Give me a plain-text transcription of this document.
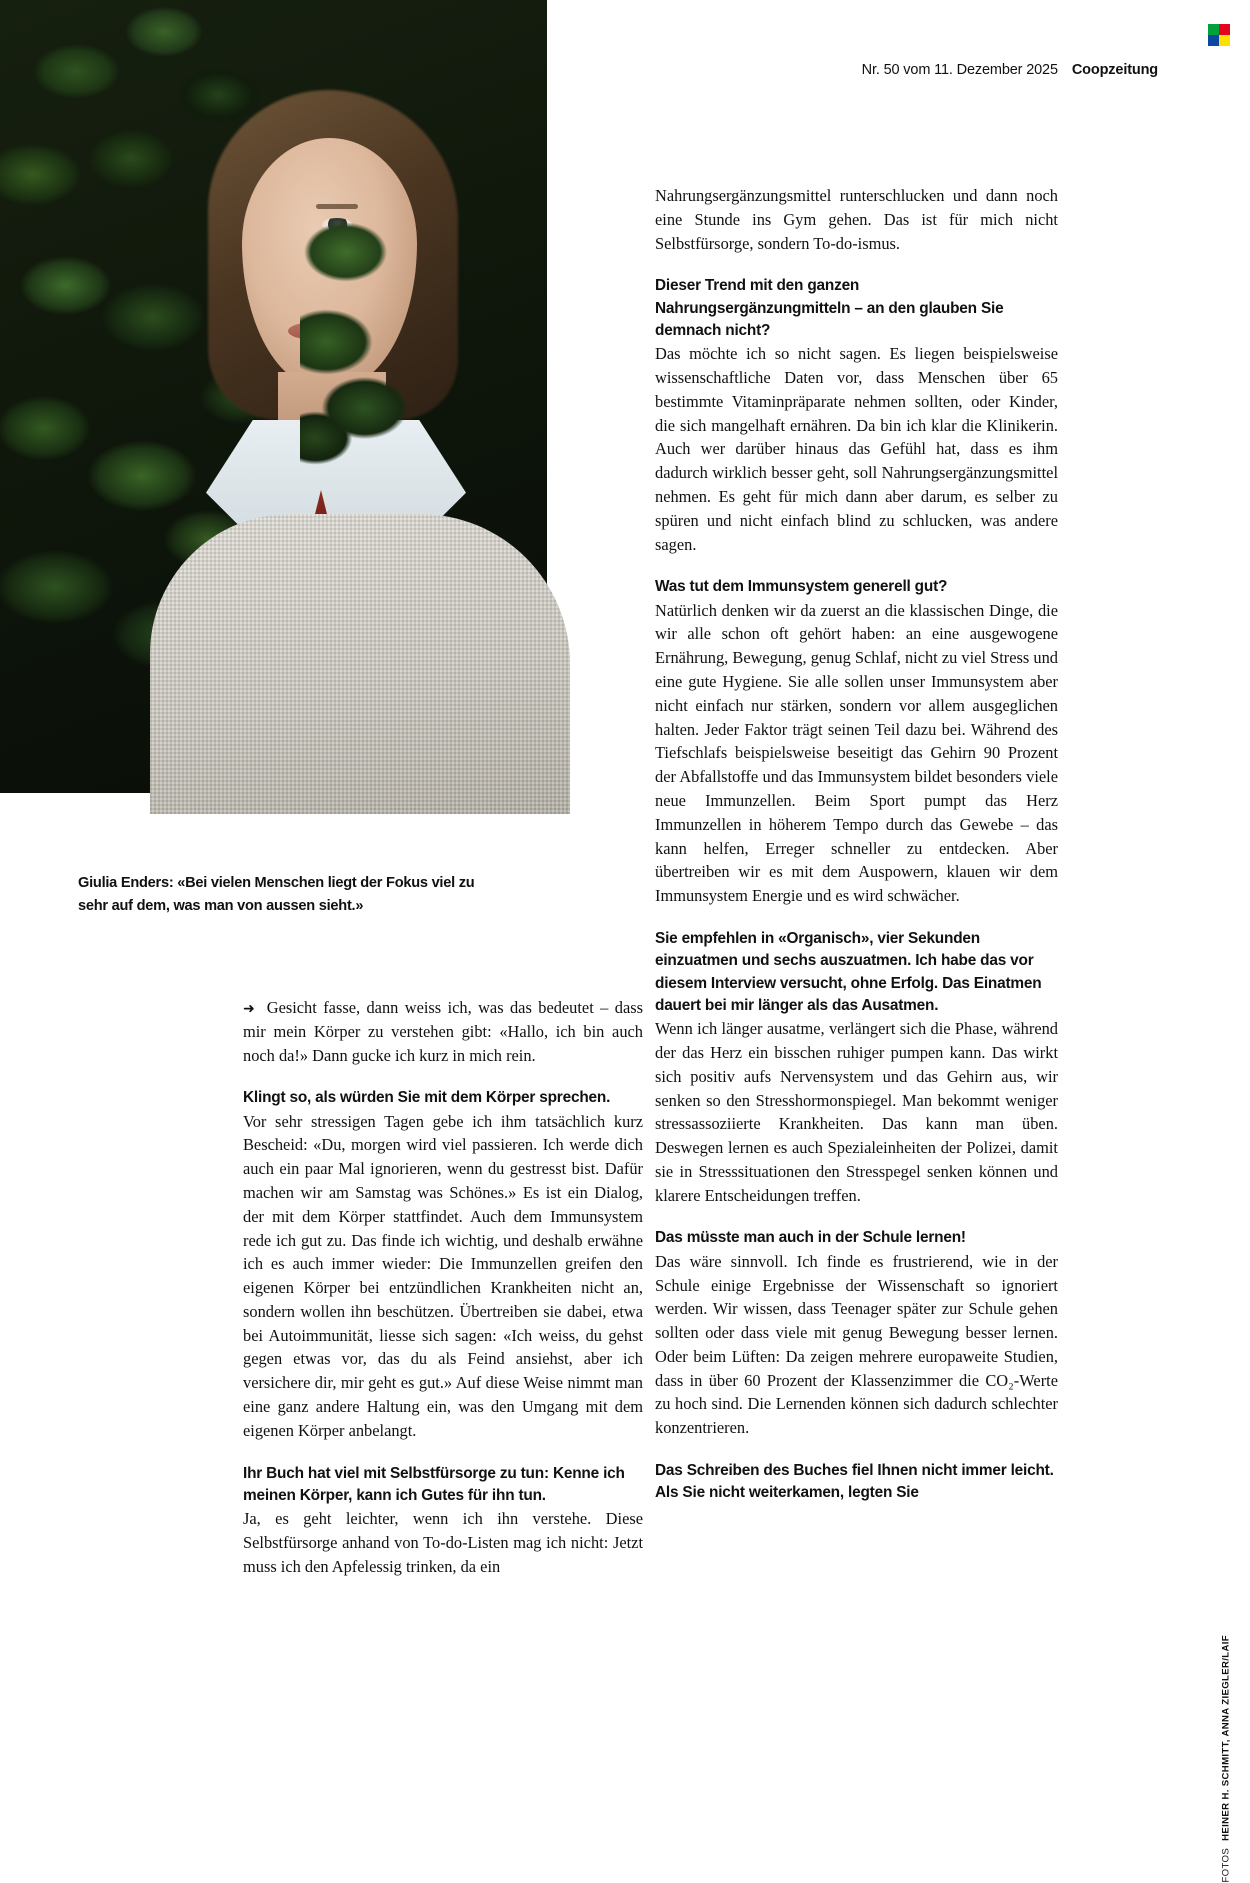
Nr. 50 vom 11. Dezember 2025 Coopzeitung
Giulia Enders: «Bei vielen Menschen liegt der Fokus viel zu sehr auf dem, was man von aussen sieht.»

➜ Gesicht fasse, dann weiss ich, was das bedeutet – dass mir mein Körper zu verstehen gibt: «Hallo, ich bin auch noch da!» Dann gucke ich kurz in mich rein.

Klingt so, als würden Sie mit dem Körper sprechen.

Vor sehr stressigen Tagen gebe ich ihm tatsächlich kurz Bescheid: «Du, morgen wird viel passieren. Ich werde dich auch ein paar Mal ignorieren, wenn du gestresst bist. Dafür machen wir am Samstag was Schönes.» Es ist ein Dialog, der mit dem Körper stattfindet. Auch dem Immunsystem rede ich gut zu. Das finde ich wichtig, und deshalb erwähne ich es auch immer wieder: Die Immunzellen greifen den eigenen Körper bei entzündlichen Krankheiten nicht an, sondern wollen ihn beschützen. Übertreiben sie dabei, etwa bei Autoimmunität, liesse sich sagen: «Ich weiss, du gehst gegen etwas vor, das du als Feind ansiehst, aber ich versichere dir, mir geht es gut.» Auf diese Weise nimmt man eine ganz andere Haltung ein, was den Umgang mit dem eigenen Körper anbelangt.

Ihr Buch hat viel mit Selbstfürsorge zu tun: Kenne ich meinen Körper, kann ich Gutes für ihn tun.

Ja, es geht leichter, wenn ich ihn verstehe. Diese Selbstfürsorge anhand von To-do-Listen mag ich nicht: Jetzt muss ich den Apfelessig trinken, da ein

Nahrungsergänzungsmittel runterschlucken und dann noch eine Stunde ins Gym gehen. Das ist für mich nicht Selbstfürsorge, sondern To-do-ismus.

Dieser Trend mit den ganzen Nahrungsergänzungmitteln – an den glauben Sie demnach nicht?

Das möchte ich so nicht sagen. Es liegen beispielsweise wissenschaftliche Daten vor, dass Menschen über 65 bestimmte Vitaminpräparate nehmen sollten, oder Kinder, die sich mangelhaft ernähren. Da bin ich klar die Klinikerin. Auch wer darüber hinaus das Gefühl hat, dass es ihm dadurch wirklich besser geht, soll Nahrungsergänzungsmittel nehmen. Es geht für mich dann aber darum, es selber zu spüren und nicht einfach blind zu schlucken, was andere sagen.

Was tut dem Immunsystem generell gut?

Natürlich denken wir da zuerst an die klassischen Dinge, die wir alle schon oft gehört haben: an eine ausgewogene Ernährung, Bewegung, genug Schlaf, nicht zu viel Stress und eine gute Hygiene. Sie alle sollen unser Immunsystem aber nicht einfach nur stärken, sondern vor allem ausgeglichen halten. Jeder Faktor trägt seinen Teil dazu bei. Während des Tiefschlafs beispielsweise beseitigt das Gehirn 90 Prozent der Abfallstoffe und das Immunsystem bildet besonders viele neue Immunzellen. Beim Sport pumpt das Herz Immunzellen in höherem Tempo durch das Gewebe – das kann helfen, Erreger schneller zu entdecken. Aber übertreiben wir es mit dem Auspowern, klauen wir dem Immunsystem Energie und es wird schwächer.

Sie empfehlen in «Organisch», vier Sekunden einzuatmen und sechs auszuatmen. Ich habe das vor diesem Interview versucht, ohne Erfolg. Das Einatmen dauert bei mir länger als das Ausatmen.

Wenn ich länger ausatme, verlängert sich die Phase, während der das Herz ein bisschen ruhiger pumpen kann. Das wirkt sich positiv aufs Nervensystem und das Gehirn aus, wir senken so den Stresshormonspiegel. Man bekommt weniger stressassoziierte Krankheiten. Das kann man üben. Deswegen lernen es auch Spezialeinheiten der Polizei, damit sie in Stresssituationen den Stresspegel senken können und klarere Entscheidungen treffen.

Das müsste man auch in der Schule lernen!

Das wäre sinnvoll. Ich finde es frustrierend, wie in der Schule einige Ergebnisse der Wissenschaft so ignoriert werden. Wir wissen, dass Teenager später zur Schule gehen sollten oder dass viele mit genug Bewegung besser lernen. Oder beim Lüften: Da zeigen mehrere europaweite Studien, dass in über 60 Prozent der Klassenzimmer die CO₂-Werte zu hoch sind. Die Lernenden können sich dadurch schlechter konzentrieren.

Das Schreiben des Buches fiel Ihnen nicht immer leicht. Als Sie nicht weiterkamen, legten Sie

FOTOSHEINER H. SCHMITT, ANNA ZIEGLER/LAIF
